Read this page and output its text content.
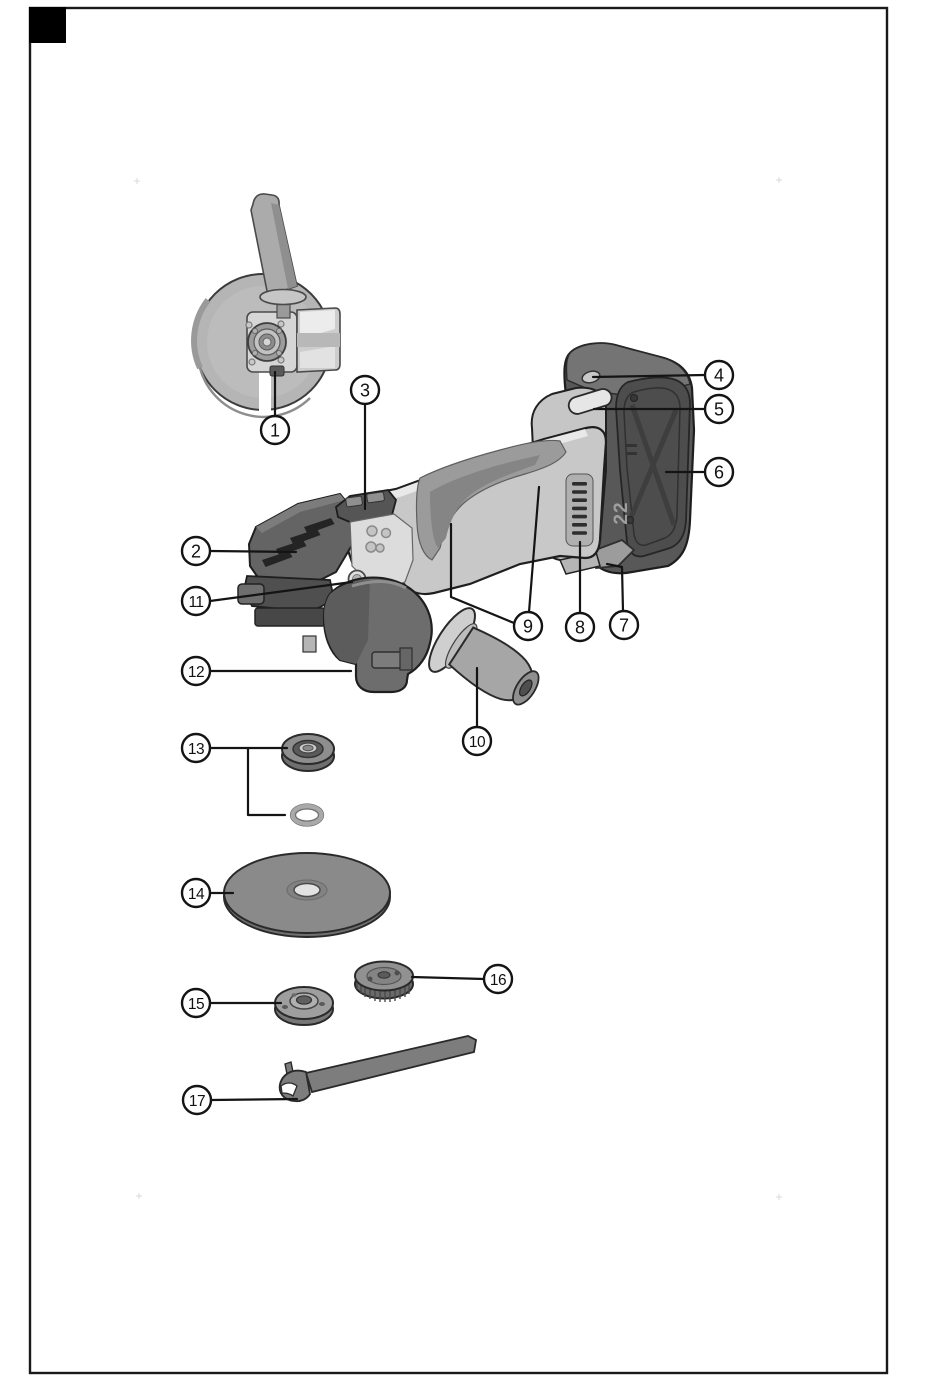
22
1
2
3
4
5
6
7
8
9
10
11
12
13
14
15
16
17
